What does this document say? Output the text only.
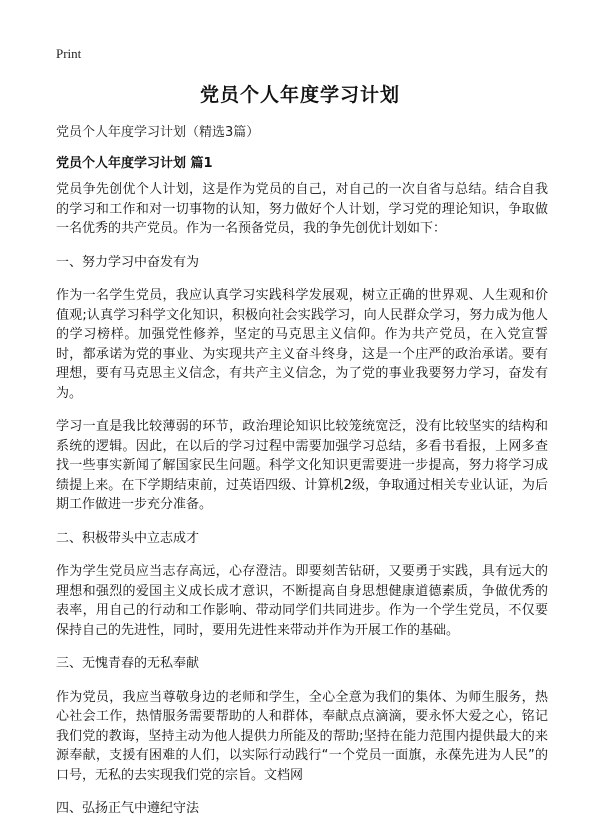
Print
党员个人年度学习计划
党员个人年度学习计划（精选3篇）
党员个人年度学习计划 篇1

党员争先创优个人计划，这是作为党员的自己，对自己的一次自省与总结。结合自我的学习和工作和对一切事物的认知，努力做好个人计划，学习党的理论知识，争取做一名优秀的共产党员。作为一名预备党员，我的争先创优计划如下：

一、努力学习中奋发有为

作为一名学生党员，我应认真学习实践科学发展观，树立正确的世界观、人生观和价值观;认真学习科学文化知识，积极向社会实践学习，向人民群众学习，努力成为他人的学习榜样。加强党性修养，坚定的马克思主义信仰。作为共产党员，在入党宣誓时，都承诺为党的事业、为实现共产主义奋斗终身，这是一个庄严的政治承诺。要有理想，要有马克思主义信念，有共产主义信念，为了党的事业我要努力学习，奋发有为。

学习一直是我比较薄弱的环节，政治理论知识比较笼统宽泛，没有比较坚实的结构和系统的逻辑。因此，在以后的学习过程中需要加强学习总结，多看书看报，上网多查找一些事实新闻了解国家民生问题。科学文化知识更需要进一步提高，努力将学习成绩提上来。在下学期结束前，过英语四级、计算机2级，争取通过相关专业认证，为后期工作做进一步充分准备。

二、积极带头中立志成才

作为学生党员应当志存高远，心存澄洁。即要刻苦钻研，又要勇于实践，具有远大的理想和强烈的爱国主义成长成才意识，不断提高自身思想健康道德素质，争做优秀的表率，用自己的行动和工作影响、带动同学们共同进步。作为一个学生党员，不仅要保持自己的先进性，同时，要用先进性来带动并作为开展工作的基础。

三、无愧青春的无私奉献

作为党员，我应当尊敬身边的老师和学生，全心全意为我们的集体、为师生服务，热心社会工作，热情服务需要帮助的人和群体，奉献点点滴滴，要永怀大爱之心，铭记我们党的教诲，坚持主动为他人提供力所能及的帮助;坚持在能力范围内提供最大的来源奉献，支援有困难的人们，以实际行动践行“一个党员一面旗，永葆先进为人民”的口号，无私的去实现我们党的宗旨。文档网

四、弘扬正气中遵纪守法
